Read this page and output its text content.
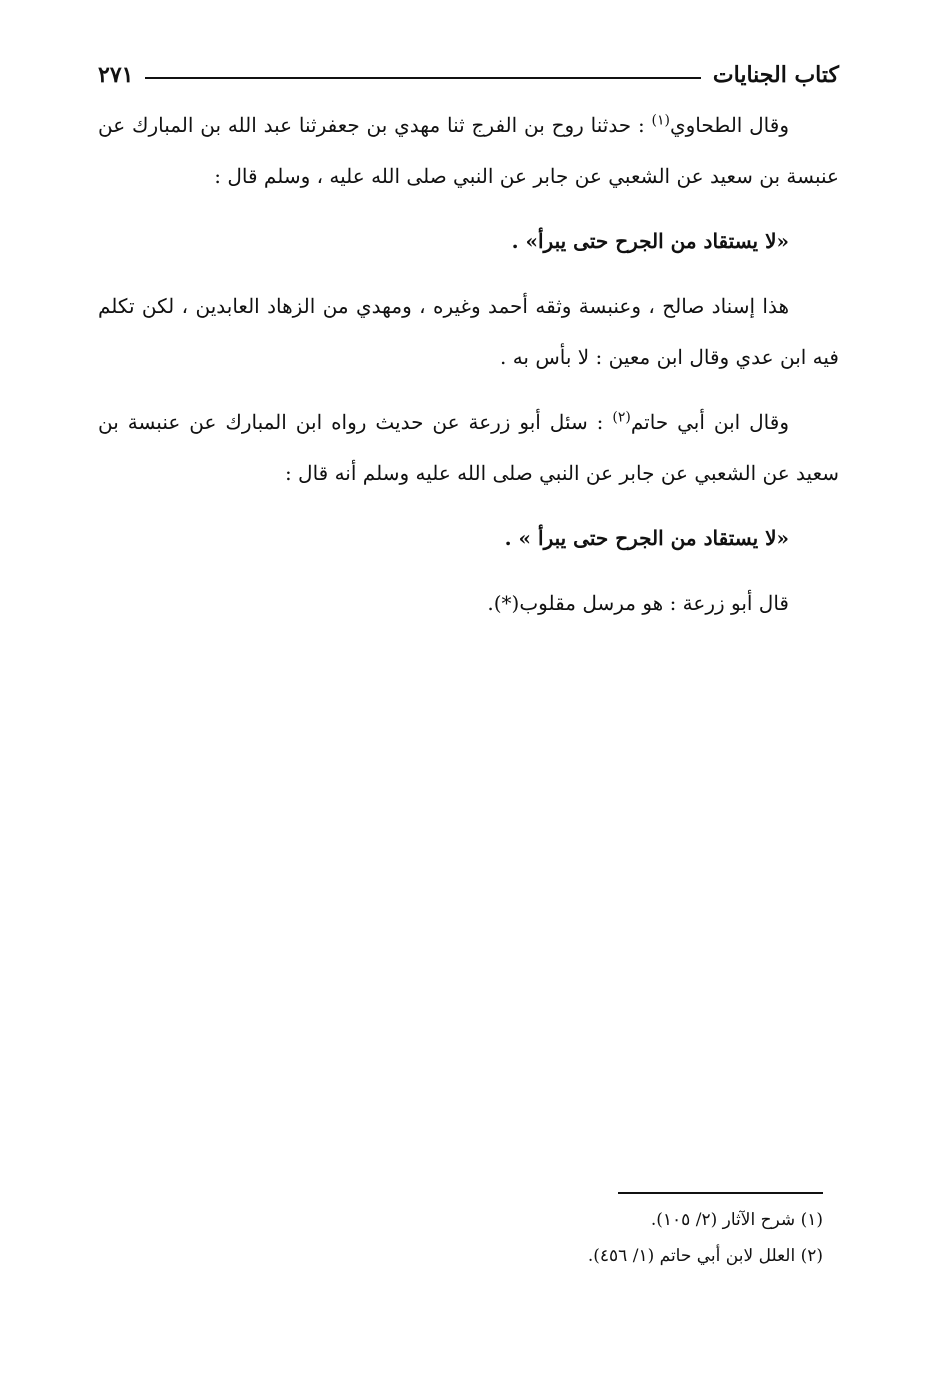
كتاب الجنايات
٢٧١

وقال الطحاوي$^{(١)}$ : حدثنا روح بن الفرج ثنا مهدي بن جعفرثنا عبد الله بن المبارك عن عنبسة بن سعيد عن الشعبي عن جابر عن النبي صلى الله عليه ، وسلم قال :

«لا يستقاد من الجرح حتى يبرأ» .

هذا إسناد صالح ، وعنبسة وثقه أحمد وغيره ، ومهدي من الزهاد العابدين ، لكن تكلم فيه ابن عدي وقال ابن معين : لا بأس به .

وقال ابن أبي حاتم$^{(٢)}$ : سئل أبو زرعة عن حديث رواه ابن المبارك عن عنبسة بن سعيد عن الشعبي عن جابر عن النبي صلى الله عليه وسلم أنه قال :

«لا يستقاد من الجرح حتى يبرأ » .

قال أبو زرعة : هو مرسل مقلوب(*).

(١) شرح الآثار (٢/ ١٠٥).

(٢) العلل لابن أبي حاتم (١/ ٤٥٦).
